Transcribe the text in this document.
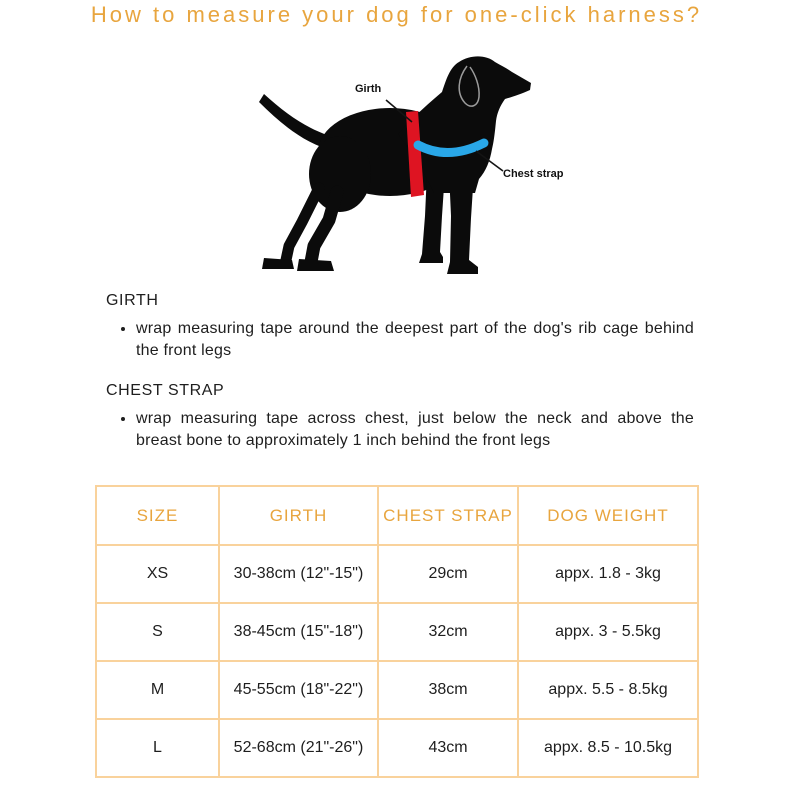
How to measure your dog for one-click harness?
Girth
Chest strap
GIRTH
• wrap measuring tape around the deepest part of the dog's rib cage behind the front legs
CHEST STRAP
• wrap measuring tape across chest, just below the neck and above the breast bone to approximately 1 inch behind the front legs
SIZE	GIRTH	CHEST STRAP	DOG WEIGHT
XS	30-38cm (12"-15")	29cm	appx. 1.8 - 3kg
S	38-45cm (15"-18")	32cm	appx. 3 - 5.5kg
M	45-55cm (18"-22")	38cm	appx. 5.5 - 8.5kg
L	52-68cm (21"-26")	43cm	appx. 8.5 - 10.5kg
